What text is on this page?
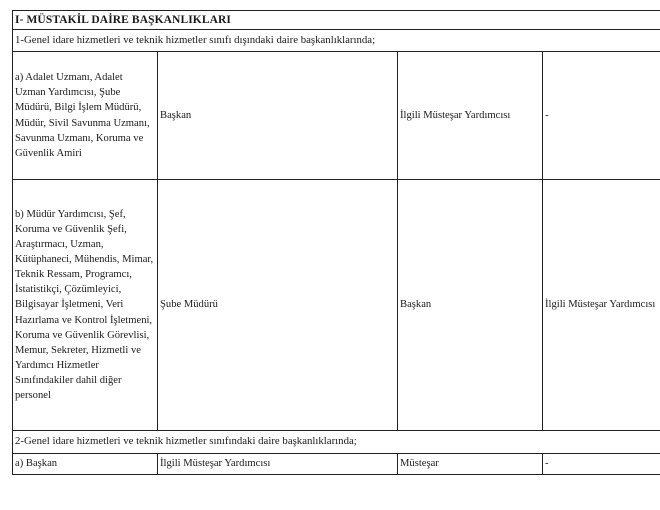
I- MÜSTAKİL DAİRE BAŞKANLIKLARI			
1-Genel idare hizmetleri ve teknik hizmetler sınıfı dışındaki daire başkanlıklarında;			
a) Adalet Uzmanı, Adalet Uzman Yardımcısı, Şube Müdürü, Bilgi İşlem Müdürü, Müdür, Sivil Savunma Uzmanı, Savunma Uzmanı, Koruma ve Güvenlik Amiri	Başkan	İlgili Müsteşar Yardımcısı	-
b) Müdür Yardımcısı, Şef, Koruma ve Güvenlik Şefi, Araştırmacı, Uzman, Kütüphaneci, Mühendis, Mimar, Teknik Ressam, Programcı, İstatistikçi, Çözümleyici, Bilgisayar İşletmeni, Veri Hazırlama ve Kontrol İşletmeni, Koruma ve Güvenlik Görevlisi, Memur, Sekreter, Hizmetli ve Yardımcı Hizmetler Sınıfındakiler dahil diğer personel	Şube Müdürü	Başkan	İlgili Müsteşar Yardımcısı
2-Genel idare hizmetleri ve teknik hizmetler sınıfındaki daire başkanlıklarında;			
a) Başkan	İlgili Müsteşar Yardımcısı	Müsteşar	-
